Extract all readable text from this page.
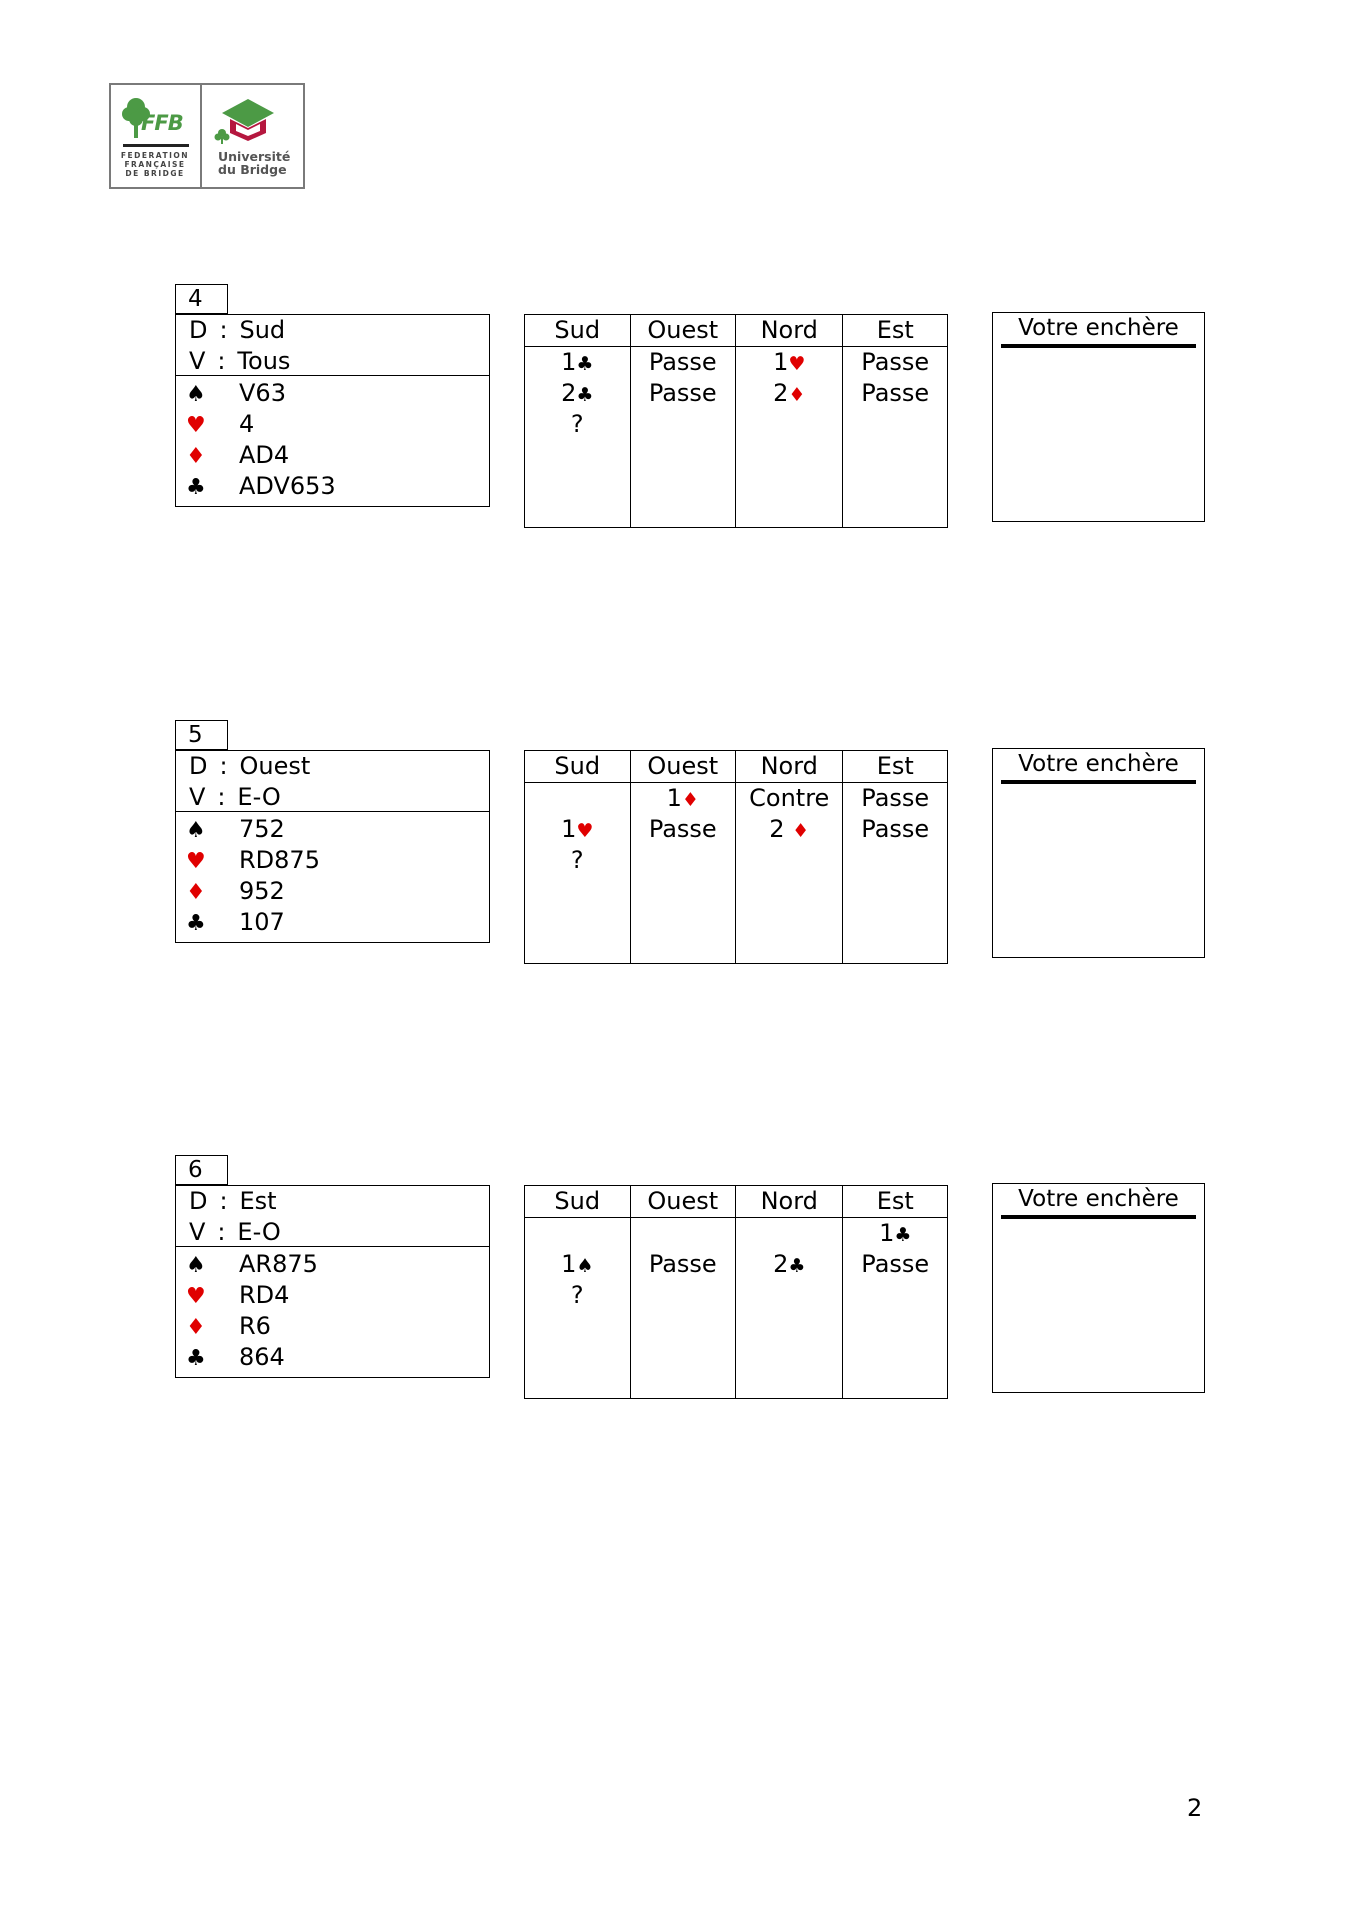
FFB
FEDERATION
FRANÇAISE
DE BRIDGE
Université
du Bridge
4
D : Sud
V : Tous
♠ V63
♥ 4
♦ AD4
♣ ADV653
Sud
1♣
2♣
?
Ouest
Passe
Passe
Nord
1♥
2♦
Est
Passe
Passe
Votre enchère
5
D : Ouest
V : E-O
♠ 752
♥ RD875
♦ 952
♣ 107
Sud
1♥
?
Ouest
1♦
Passe
Nord
Contre
2 ♦
Est
Passe
Passe
Votre enchère
6
D : Est
V : E-O
♠ AR875
♥ RD4
♦ R6
♣ 864
Sud
1♠
?
Ouest
Passe
Nord
2♣
Est
1♣
Passe
Votre enchère
2
